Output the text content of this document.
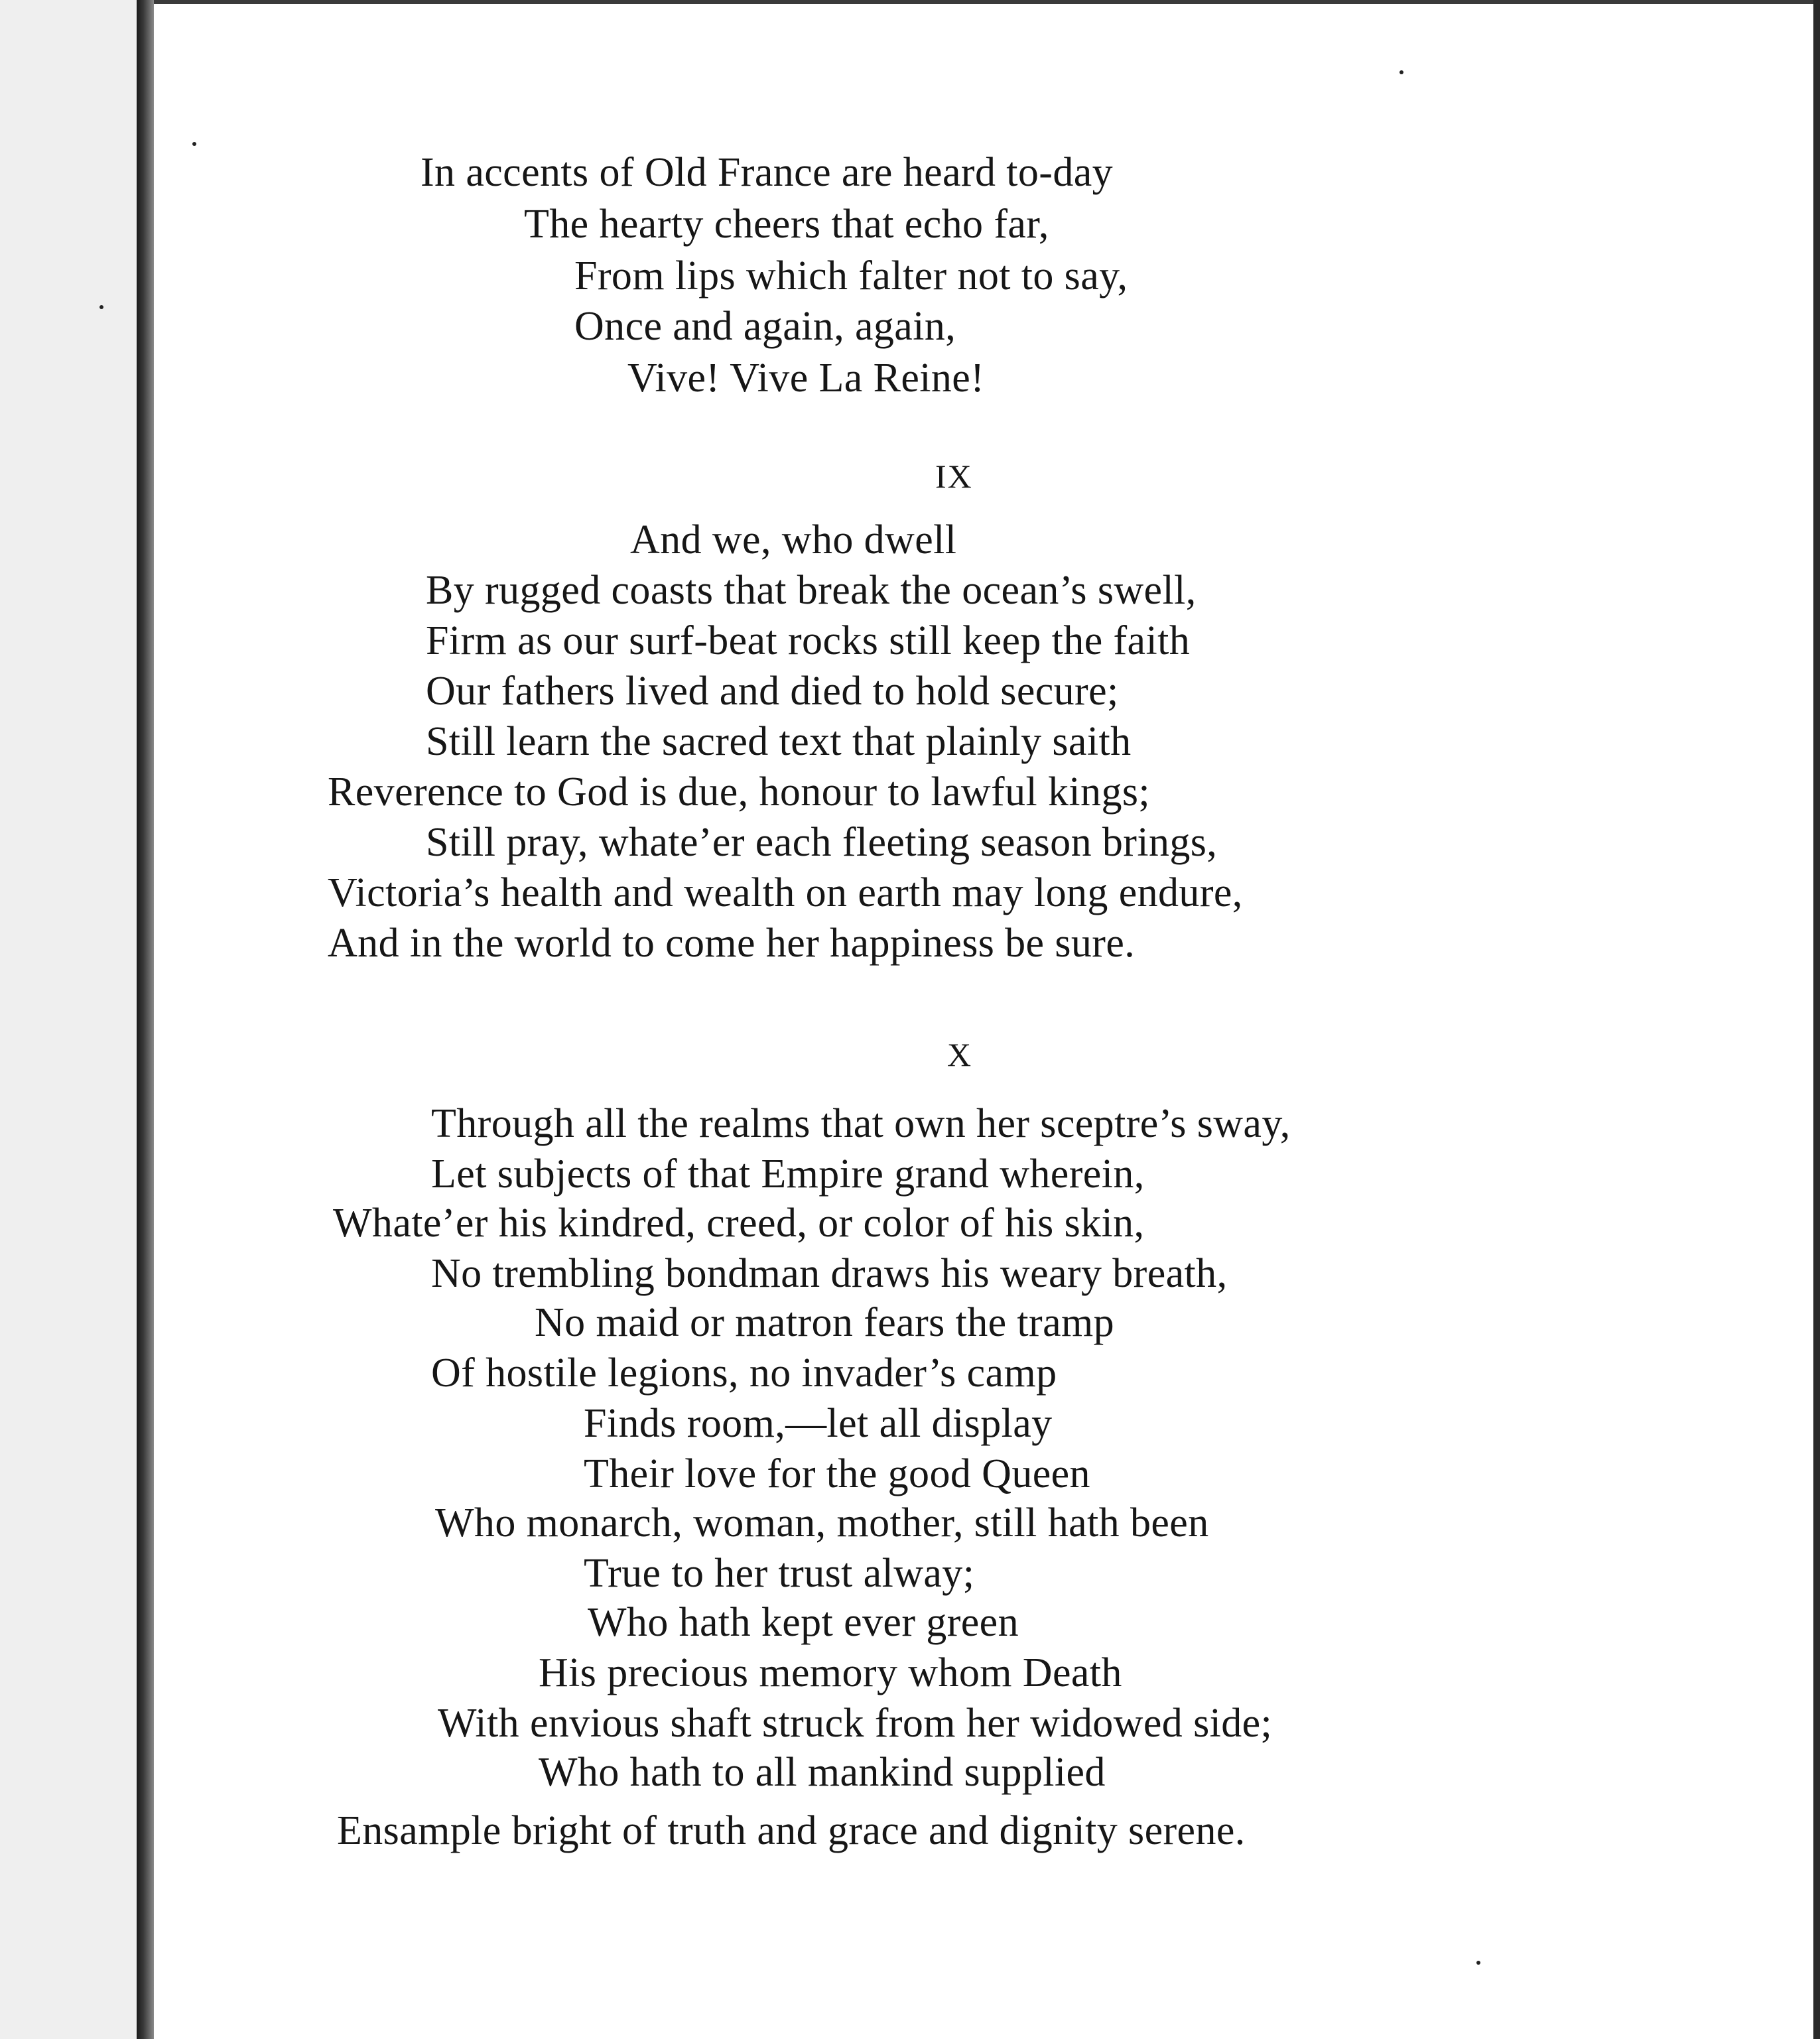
In accents of Old France are heard to-day
The hearty cheers that echo far,
From lips which falter not to say,
Once and again, again,
Vive! Vive La Reine!
IX
And we, who dwell
By rugged coasts that break the ocean’s swell,
Firm as our surf-beat rocks still keep the faith
Our fathers lived and died to hold secure;
Still learn the sacred text that plainly saith
Reverence to God is due, honour to lawful kings;
Still pray, whate’er each fleeting season brings,
Victoria’s health and wealth on earth may long endure,
And in the world to come her happiness be sure.
X
Through all the realms that own her sceptre’s sway,
Let subjects of that Empire grand wherein,
Whate’er his kindred, creed, or color of his skin,
No trembling bondman draws his weary breath,
No maid or matron fears the tramp
Of hostile legions, no invader’s camp
Finds room,—let all display
Their love for the good Queen
Who monarch, woman, mother, still hath been
True to her trust alway;
Who hath kept ever green
His precious memory whom Death
With envious shaft struck from her widowed side;
Who hath to all mankind supplied
Ensample bright of truth and grace and dignity serene.
